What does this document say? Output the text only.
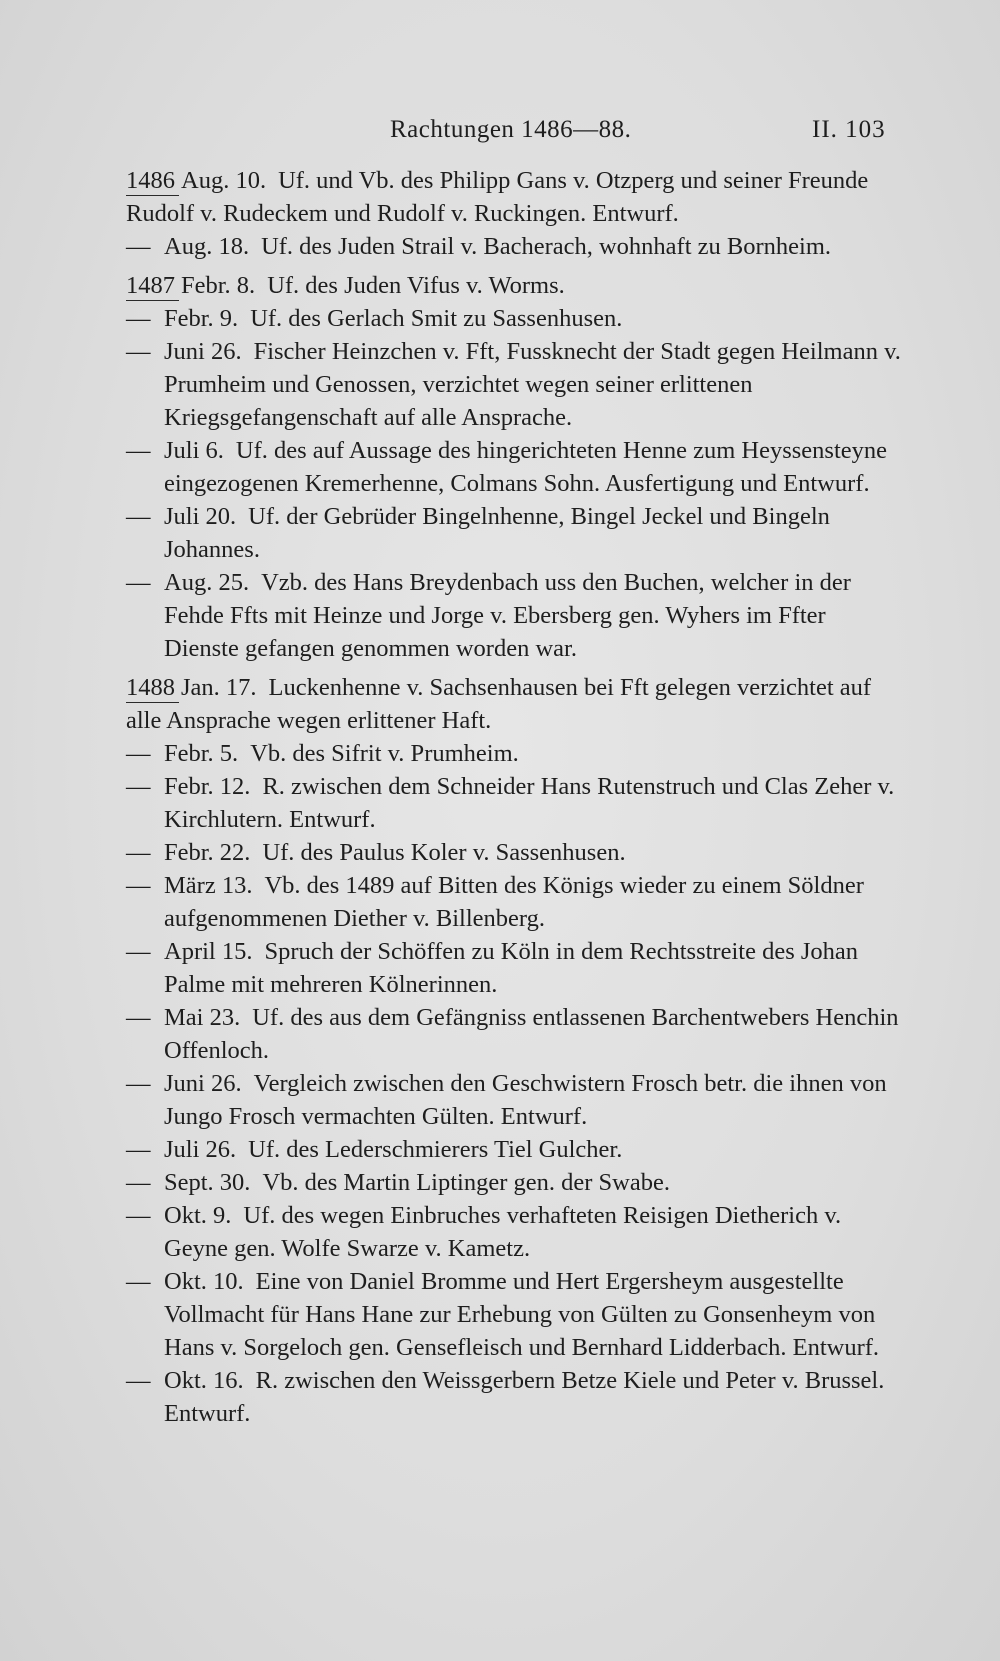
Rachtungen 1486—88.	II. 103
1486 Aug. 10. Uf. und Vb. des Philipp Gans v. Otzperg und seiner Freunde Rudolf v. Rudeckem und Rudolf v. Ruckingen. Entwurf.
— Aug. 18. Uf. des Juden Strail v. Bacherach, wohnhaft zu Bornheim.
1487 Febr. 8. Uf. des Juden Vifus v. Worms.
— Febr. 9. Uf. des Gerlach Smit zu Sassenhusen.
— Juni 26. Fischer Heinzchen v. Fft, Fussknecht der Stadt gegen Heilmann v. Prumheim und Genossen, verzichtet wegen seiner erlittenen Kriegsgefangenschaft auf alle Ansprache.
— Juli 6. Uf. des auf Aussage des hingerichteten Henne zum Heyssensteyne eingezogenen Kremerhenne, Colmans Sohn. Ausfertigung und Entwurf.
— Juli 20. Uf. der Gebrüder Bingelnhenne, Bingel Jeckel und Bingeln Johannes.
— Aug. 25. Vzb. des Hans Breydenbach uss den Buchen, welcher in der Fehde Ffts mit Heinze und Jorge v. Ebersberg gen. Wyhers im Ffter Dienste gefangen genommen worden war.
1488 Jan. 17. Luckenhenne v. Sachsenhausen bei Fft gelegen verzichtet auf alle Ansprache wegen erlittener Haft.
— Febr. 5. Vb. des Sifrit v. Prumheim.
— Febr. 12. R. zwischen dem Schneider Hans Rutenstruch und Clas Zeher v. Kirchlutern. Entwurf.
— Febr. 22. Uf. des Paulus Koler v. Sassenhusen.
— März 13. Vb. des 1489 auf Bitten des Königs wieder zu einem Söldner aufgenommenen Diether v. Billenberg.
— April 15. Spruch der Schöffen zu Köln in dem Rechtsstreite des Johan Palme mit mehreren Kölnerinnen.
— Mai 23. Uf. des aus dem Gefängniss entlassenen Barchentwebers Henchin Offenloch.
— Juni 26. Vergleich zwischen den Geschwistern Frosch betr. die ihnen von Jungo Frosch vermachten Gülten. Entwurf.
— Juli 26. Uf. des Lederschmierers Tiel Gulcher.
— Sept. 30. Vb. des Martin Liptinger gen. der Swabe.
— Okt. 9. Uf. des wegen Einbruches verhafteten Reisigen Dietherich v. Geyne gen. Wolfe Swarze v. Kametz.
— Okt. 10. Eine von Daniel Bromme und Hert Ergersheym ausgestellte Vollmacht für Hans Hane zur Erhebung von Gülten zu Gonsenheym von Hans v. Sorgeloch gen. Gensefleisch und Bernhard Lidderbach. Entwurf.
— Okt. 16. R. zwischen den Weissgerbern Betze Kiele und Peter v. Brussel. Entwurf.
